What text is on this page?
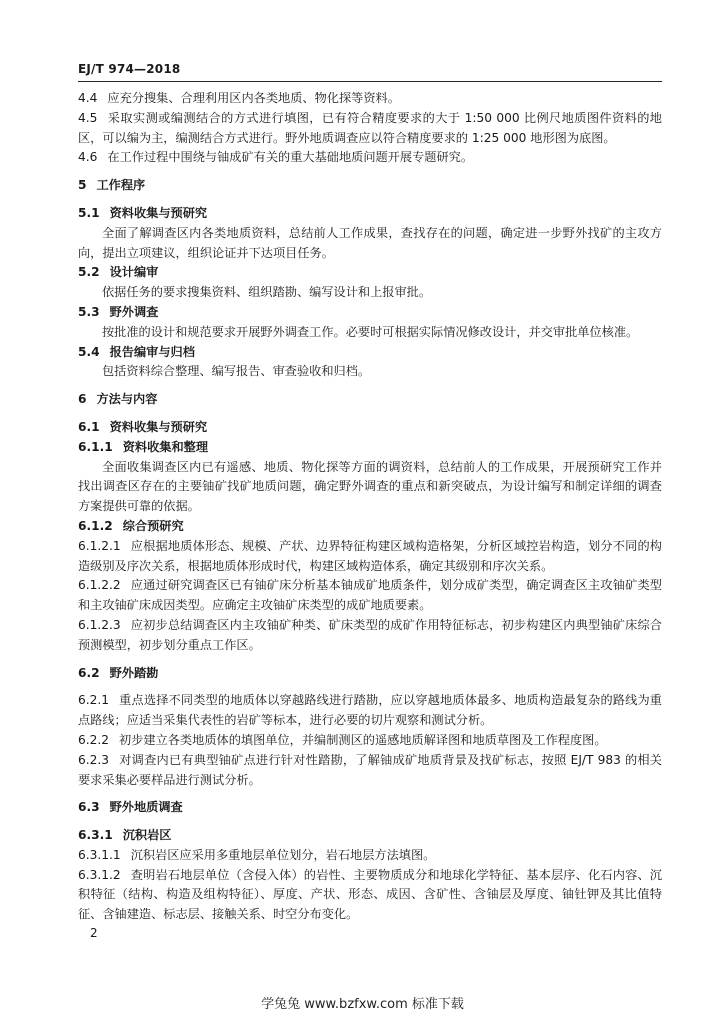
EJ/T 974—2018

4.4 应充分搜集、合理利用区内各类地质、物化探等资料。

4.5 采取实测或编测结合的方式进行填图，已有符合精度要求的大于 1:50 000 比例尺地质图件资料的地区，可以编为主，编测结合方式进行。野外地质调查应以符合精度要求的 1:25 000 地形图为底图。

4.6 在工作过程中围绕与铀成矿有关的重大基础地质问题开展专题研究。

5 工作程序

5.1 资料收集与预研究

全面了解调查区内各类地质资料，总结前人工作成果，查找存在的问题，确定进一步野外找矿的主攻方向，提出立项建议，组织论证并下达项目任务。

5.2 设计编审

依据任务的要求搜集资料、组织踏勘、编写设计和上报审批。

5.3 野外调查

按批准的设计和规范要求开展野外调查工作。必要时可根据实际情况修改设计，并交审批单位核准。

5.4 报告编审与归档

包括资料综合整理、编写报告、审查验收和归档。

6 方法与内容

6.1 资料收集与预研究

6.1.1 资料收集和整理

全面收集调查区内已有遥感、地质、物化探等方面的调资料，总结前人的工作成果，开展预研究工作并找出调查区存在的主要铀矿找矿地质问题，确定野外调查的重点和新突破点，为设计编写和制定详细的调查方案提供可靠的依据。

6.1.2 综合预研究

6.1.2.1 应根据地质体形态、规模、产状、边界特征构建区域构造格架，分析区域控岩构造，划分不同的构造级别及序次关系，根据地质体形成时代，构建区域构造体系，确定其级别和序次关系。

6.1.2.2 应通过研究调查区已有铀矿床分析基本铀成矿地质条件，划分成矿类型，确定调查区主攻铀矿类型和主攻铀矿床成因类型。应确定主攻铀矿床类型的成矿地质要素。

6.1.2.3 应初步总结调查区内主攻铀矿种类、矿床类型的成矿作用特征标志，初步构建区内典型铀矿床综合预测模型，初步划分重点工作区。

6.2 野外踏勘

6.2.1 重点选择不同类型的地质体以穿越路线进行踏勘，应以穿越地质体最多、地质构造最复杂的路线为重点路线；应适当采集代表性的岩矿等标本，进行必要的切片观察和测试分析。

6.2.2 初步建立各类地质体的填图单位，并编制测区的遥感地质解译图和地质草图及工作程度图。

6.2.3 对调查内已有典型铀矿点进行针对性踏勘，了解铀成矿地质背景及找矿标志，按照 EJ/T 983 的相关要求采集必要样品进行测试分析。

6.3 野外地质调查

6.3.1 沉积岩区

6.3.1.1 沉积岩区应采用多重地层单位划分，岩石地层方法填图。

6.3.1.2 查明岩石地层单位（含侵入体）的岩性、主要物质成分和地球化学特征、基本层序、化石内容、沉积特征（结构、构造及组构特征）、厚度、产状、形态、成因、含矿性、含铀层及厚度、铀钍钾及其比值特征、含铀建造、标志层、接触关系、时空分布变化。

2
学兔兔 www.bzfxw.com 标准下载
